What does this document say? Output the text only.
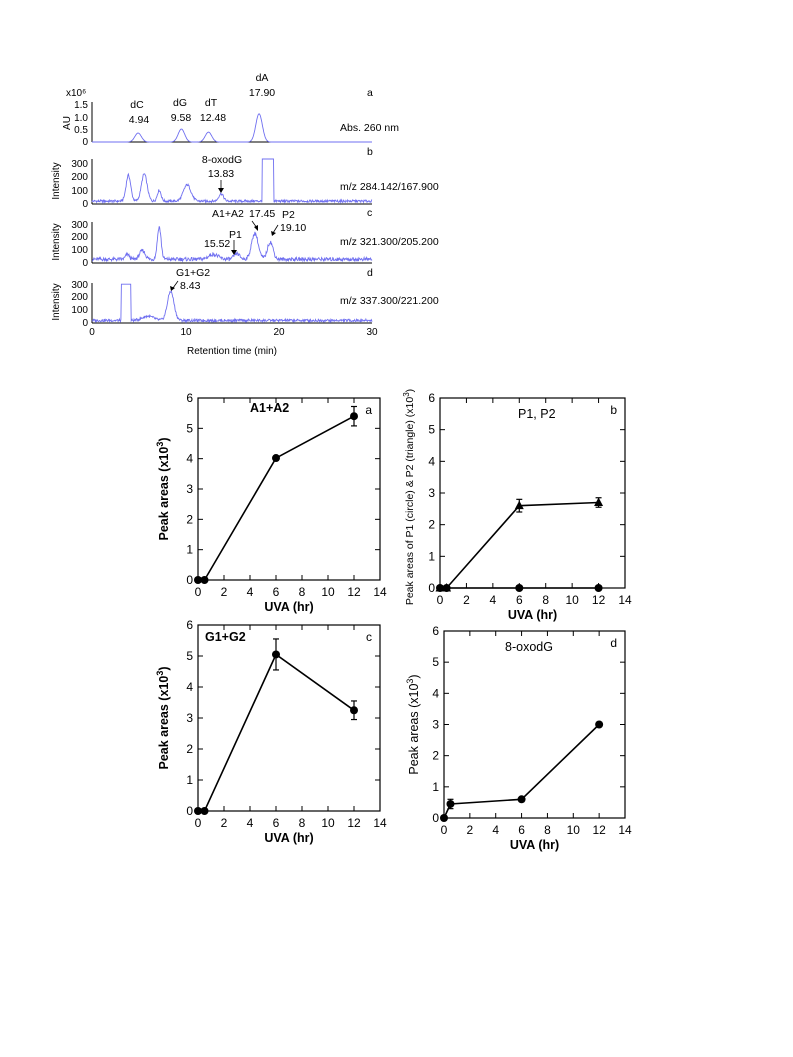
x10⁶
AU
0
0.5
1.0
1.5	dC
4.94
dG
9.58
dT
12.48
dA
17.90
Abs. 260 nm
a
Intensity
0
100
200
300	8-oxodG
13.83
m/z 284.142/167.900
b
Intensity
0
100
200
300
A1+A2 17.45 P2
19.10
P1
15.52	m/z 321.300/205.200
c
Intensity
0
100
200
300
G1+G2
8.43
m/z 337.300/221.200
d
0	10	20	30
Retention time (min)
0 2 4 6 8 10 12 14
0
1
2
3
4
5
6
UVA (hr)
A1+A2	a
Peak areas $(x10^3)$
0 2 4 6 8 10 12 14
0
1
2
3
4
5
6
UVA (hr)
P1, P2	b
Peak areas of P1 (circle) & P2 (triangle) $(x10^3)$
0 2 4 6 8 10 12 14
0
1
2
3
4
5
6
UVA (hr)
G1+G2	c
Peak areas $(x10^3)$
0 2 4 6 8 10 12 14
0
1
2
3
4
5
6
UVA (hr)
8-oxodG	d
Peak areas $(x10^3)$
